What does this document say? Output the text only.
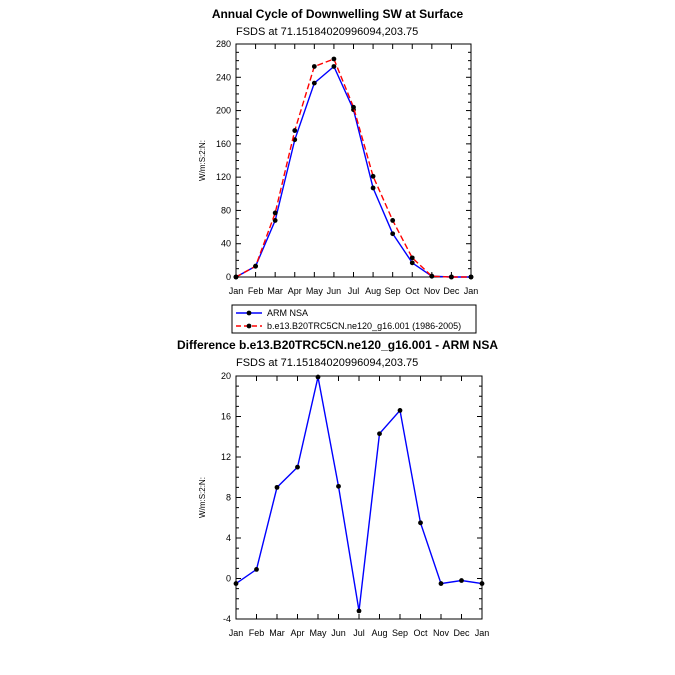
Annual Cycle of Downwelling SW at Surface
FSDS at 71.15184020996094,203.75
Difference b.e13.B20TRC5CN.ne120_g16.001 - ARM NSA
FSDS at 71.15184020996094,203.75
0
40
80
120
160
200
240
280
Jan Feb Mar Apr May Jun Jul Aug Sep Oct Nov Dec Jan
W/m:S:2:N:
ARM NSA
b.e13.B20TRC5CN.ne120_g16.001 (1986-2005)
-4
0
4
8
12
16
20
Jan Feb Mar Apr May Jun Jul Aug Sep Oct Nov Dec Jan
W/m:S:2:N:
